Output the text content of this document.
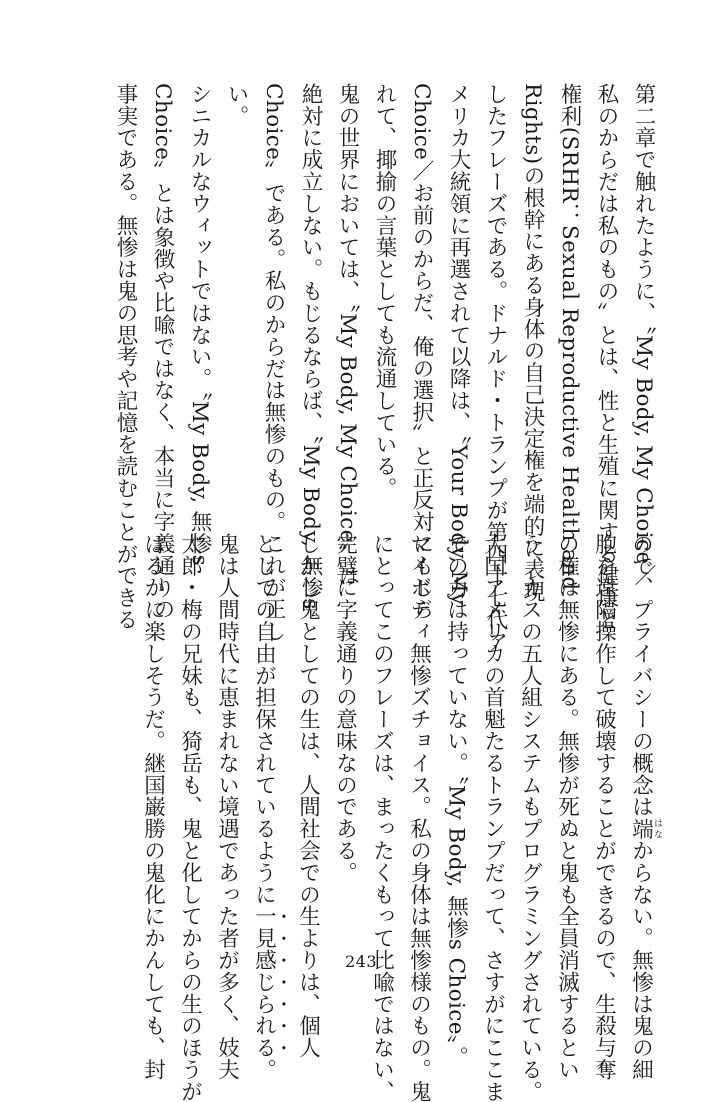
第二章で触れたように、〝My Body, My Choice／
私のからだは私のもの〟とは、性と生殖に関する健康と
権利(SRHR：Sexual Reproductive Health and
Rights)の根幹にある身体の自己決定権を端的に表現
したフレーズである。ドナルド・トランプが第四十七代ア
メリカ大統領に再選されて以降は、〝Your Body, My
Choice／お前のからだ、俺の選択〟と正反対にもじら
れて、揶揄の言葉としても流通している。
鬼の世界においては、〝My Body, My Choice〟は
絶対に成立しない。もじるならば、〝My Body, 無惨s
Choice〟である。私のからだは無惨のもの。これが正し
い。
シニカルなウィットではない。〝My Body, 無惨s
Choice〟とは象徴や比喩ではなく、本当に字義通りの
事実である。無惨は鬼の思考や記憶を読むことができる
ので、プライバシーの概念は端はなからない。無惨は鬼の細
胞を遠隔操作して破壊することができるので、生殺与奪
の権は無惨にある。無惨が死ぬと鬼も全員消滅するとい
う、カスの五人組システムもプログラミングされている。
大国アメリカの首魁たるトランプだって、さすがにここま
での力は持っていない。〝My Body, 無惨s Choice〟。
マイボディ無惨ズチョイス。私の身体は無惨様のもの。鬼
にとってこのフレーズは、まったくもって比喩ではない、
完璧に字義通りの意味なのである。
しかし鬼としての生は、人間社会での生よりは、個人
としての自由が担保されているように一見感じられる。
鬼は人間時代に恵まれない境遇であった者が多く、妓夫
太郎・梅の兄妹も、猗岳も、鬼と化してからの生のほうが
はるかに楽しそうだ。継国巌勝の鬼化にかんしても、封	243
